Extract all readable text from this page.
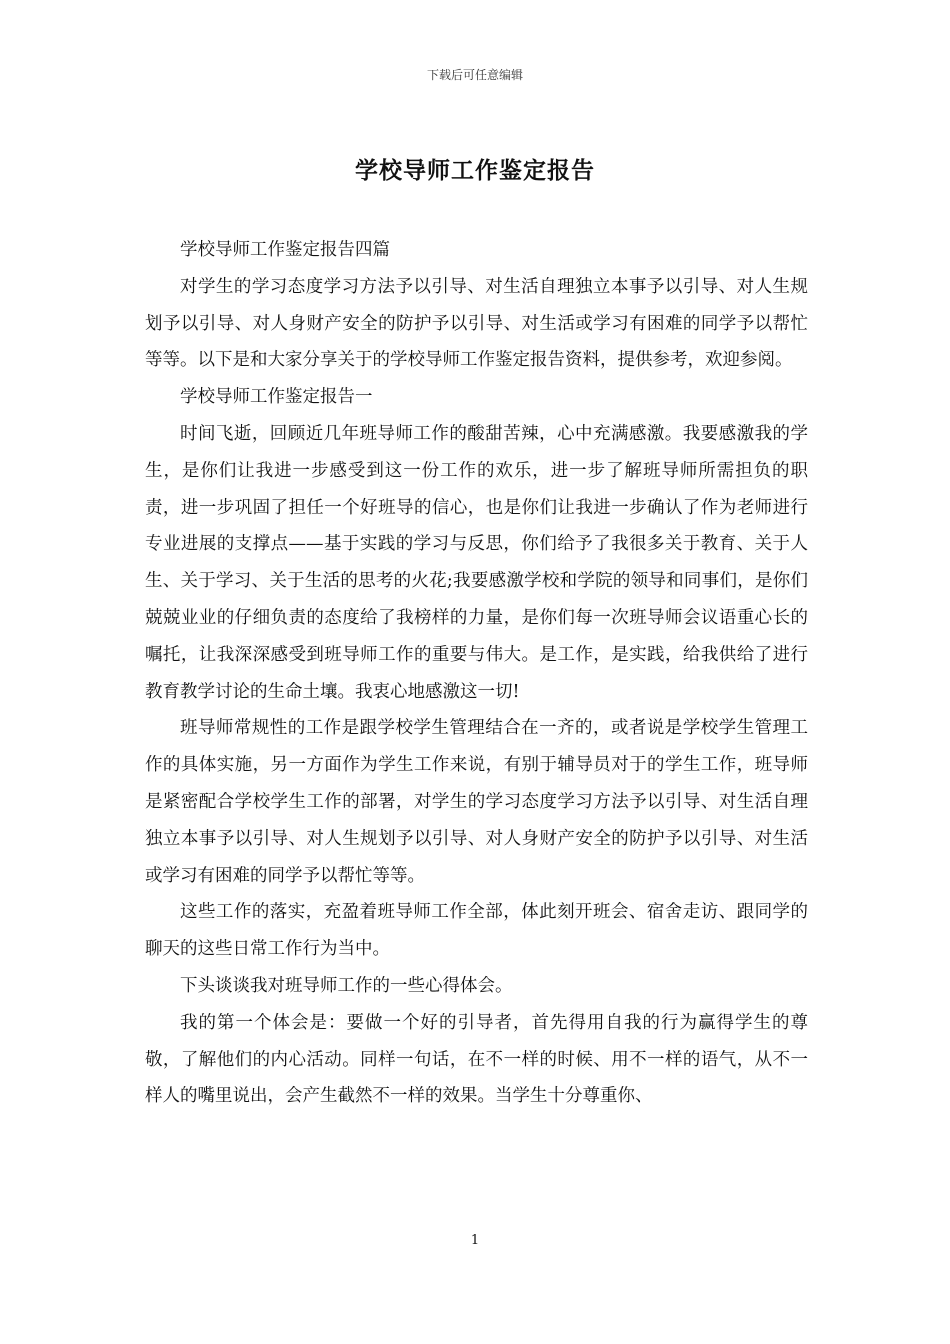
下载后可任意编辑
学校导师工作鉴定报告

学校导师工作鉴定报告四篇

对学生的学习态度学习方法予以引导、对生活自理独立本事予以引导、对人生规划予以引导、对人身财产安全的防护予以引导、对生活或学习有困难的同学予以帮忙等等。以下是和大家分享关于的学校导师工作鉴定报告资料，提供参考，欢迎参阅。

学校导师工作鉴定报告一

时间飞逝，回顾近几年班导师工作的酸甜苦辣，心中充满感激。我要感激我的学生，是你们让我进一步感受到这一份工作的欢乐，进一步了解班导师所需担负的职责，进一步巩固了担任一个好班导的信心，也是你们让我进一步确认了作为老师进行专业进展的支撑点——基于实践的学习与反思，你们给予了我很多关于教育、关于人生、关于学习、关于生活的思考的火花;我要感激学校和学院的领导和同事们，是你们兢兢业业的仔细负责的态度给了我榜样的力量，是你们每一次班导师会议语重心长的嘱托，让我深深感受到班导师工作的重要与伟大。是工作，是实践，给我供给了进行教育教学讨论的生命土壤。我衷心地感激这一切!

班导师常规性的工作是跟学校学生管理结合在一齐的，或者说是学校学生管理工作的具体实施，另一方面作为学生工作来说，有别于辅导员对于的学生工作，班导师是紧密配合学校学生工作的部署，对学生的学习态度学习方法予以引导、对生活自理独立本事予以引导、对人生规划予以引导、对人身财产安全的防护予以引导、对生活或学习有困难的同学予以帮忙等等。

这些工作的落实，充盈着班导师工作全部，体此刻开班会、宿舍走访、跟同学的聊天的这些日常工作行为当中。

下头谈谈我对班导师工作的一些心得体会。

我的第一个体会是：要做一个好的引导者，首先得用自我的行为赢得学生的尊敬，了解他们的内心活动。同样一句话，在不一样的时候、用不一样的语气，从不一样人的嘴里说出，会产生截然不一样的效果。当学生十分尊重你、

1
